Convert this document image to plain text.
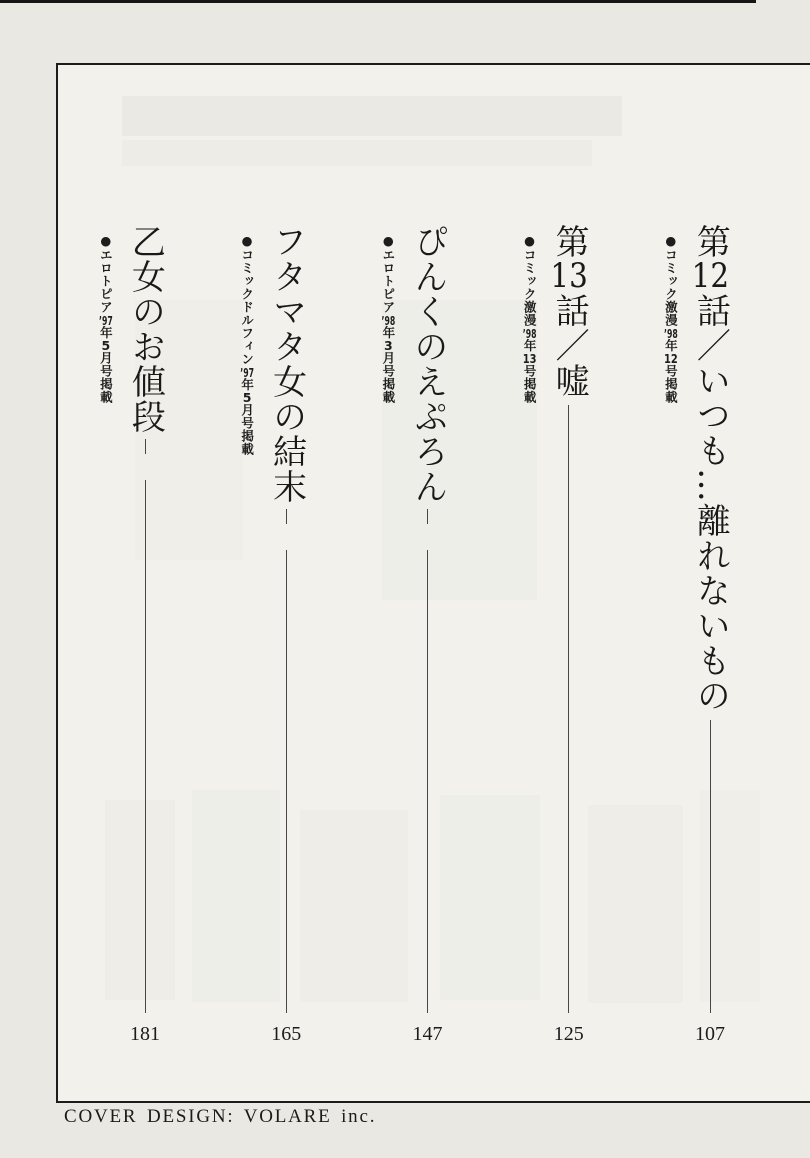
●コミック激漫’98年12号掲載
第12話／いつも…離れないもの
107
●コミック激漫’98年13号掲載
第13話／嘘
125
●エロトピア’98年3月号掲載 ぴんくのえぷろん
147
●コミックドルフィン’97年5月号掲載 フタマタ女の結末
165
●エロトピア’97年5月号掲載 乙女のお値段
181
COVER DESIGN: VOLARE inc.
